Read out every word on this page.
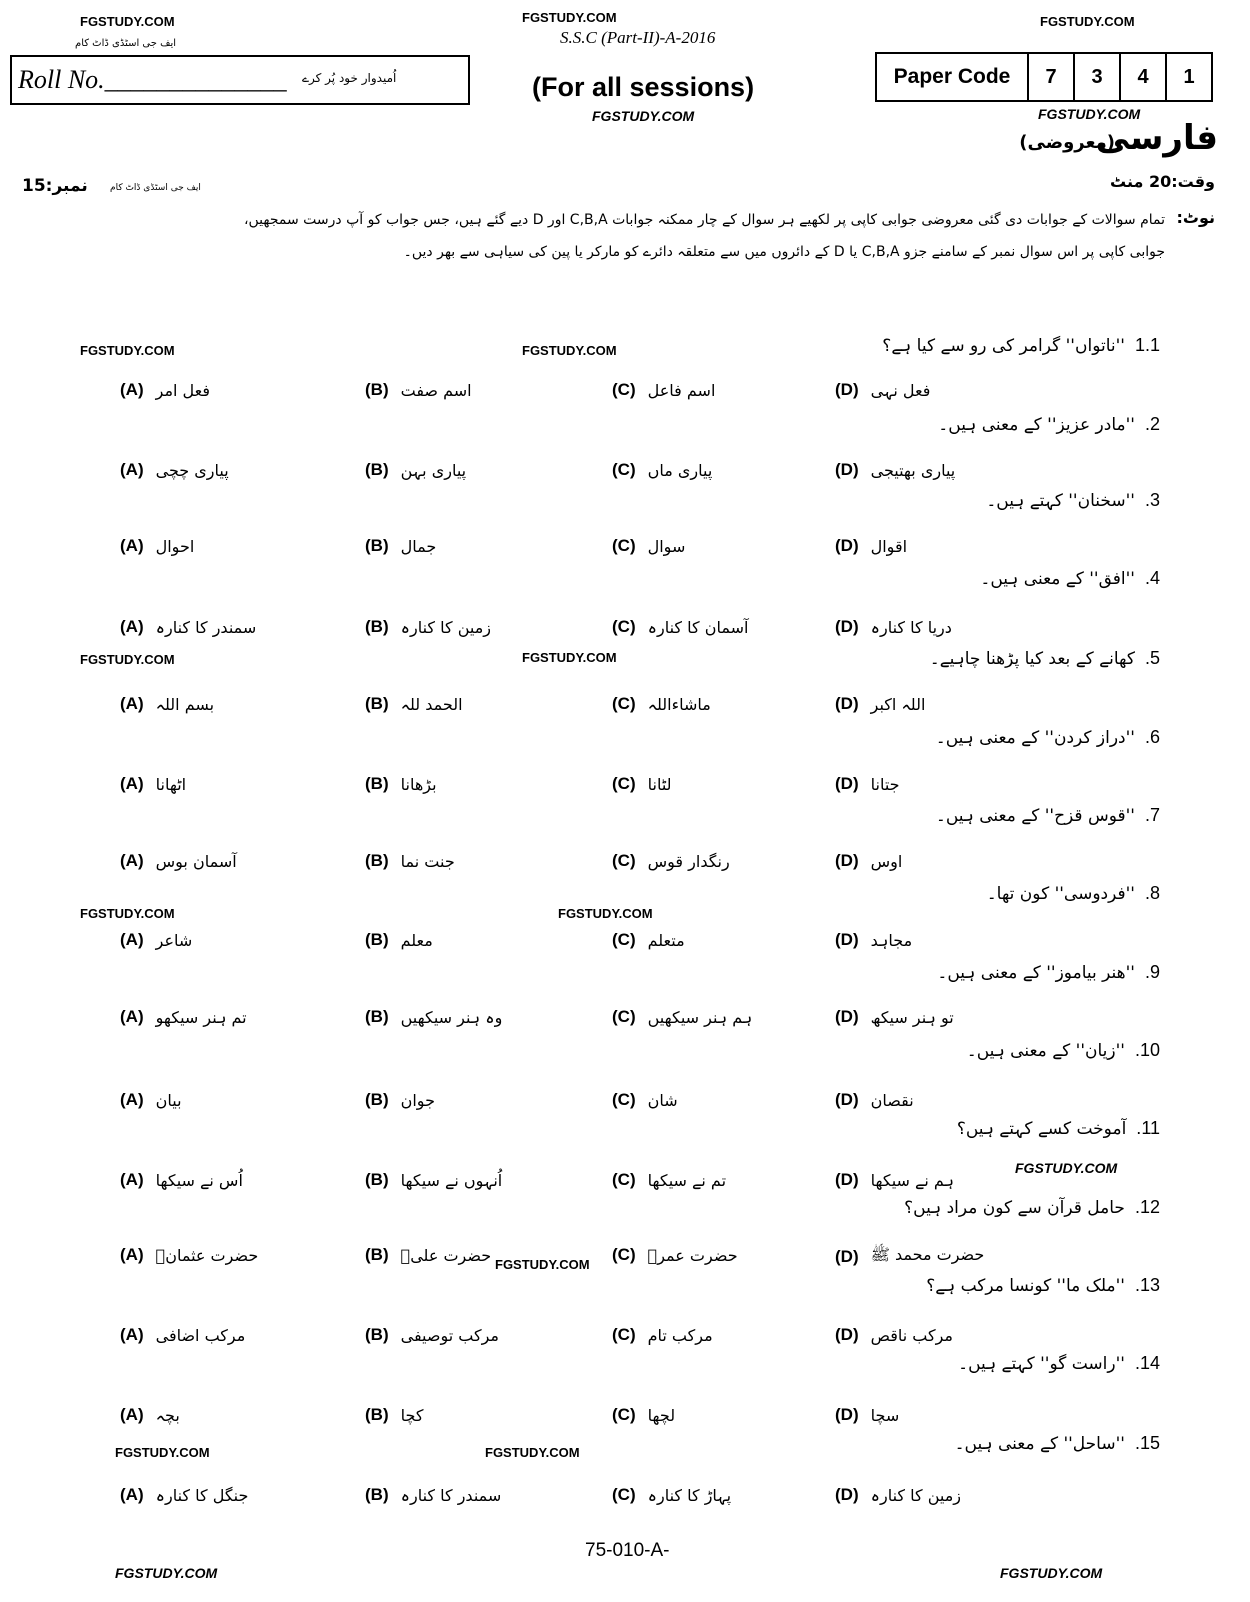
FGSTUDY.COM
ایف جی اسٹڈی ڈاٹ کام
Roll No.______________ اُمیدوار خود پُر کرے
FGSTUDY.COM
S.S.C (Part-II)-A-2016
(For all sessions)
FGSTUDY.COM
FGSTUDY.COM
Paper Code	7	3	4	1
FGSTUDY.COM
فارسی
(معروضی)
وقت:20 منٹ
نمبر:15 ایف جی اسٹڈی ڈاٹ کام
نوٹ:
تمام سوالات کے جوابات دی گئی معروضی جوابی کاپی پر لکھیے ہر سوال کے چار ممکنہ جوابات C,B,A اور D دیے گئے ہیں، جس جواب کو آپ درست سمجھیں،
جوابی کاپی پر اس سوال نمبر کے سامنے جزو C,B,A یا D کے دائروں میں سے متعلقہ دائرے کو مارکر یا پین کی سیاہی سے بھر دیں۔
1.1''ناتواں'' گرامر کی رو سے کیا ہے؟
(A) فعل امر	(B) اسم صفت	(C) اسم فاعل	(D) فعل نہی
2.''مادر عزیز'' کے معنی ہیں۔
(A) پیاری چچی	(B) پیاری بہن	(C) پیاری ماں	(D) پیاری بھتیجی
3.''سخنان'' کہتے ہیں۔
(A) احوال	(B) جمال	(C) سوال	(D) اقوال
4.''افق'' کے معنی ہیں۔
(A) سمندر کا کنارہ	(B) زمین کا کنارہ	(C) آسمان کا کنارہ	(D) دریا کا کنارہ
5.کھانے کے بعد کیا پڑھنا چاہیے۔
(A) بسم اللہ	(B) الحمد للہ	(C) ماشاءاللہ	(D) اللہ اکبر
6.''دراز کردن'' کے معنی ہیں۔
(A) اٹھانا	(B) بڑھانا	(C) لٹانا	(D) جتانا
7.''قوس قزح'' کے معنی ہیں۔
(A) آسمان بوس	(B) جنت نما	(C) رنگدار قوس	(D) اوس
8.''فردوسی'' کون تھا۔
(A) شاعر	(B) معلم	(C) متعلم	(D) مجاہد
9.''ھنر بیاموز'' کے معنی ہیں۔
(A) تم ہنر سیکھو	(B) وہ ہنر سیکھیں	(C) ہم ہنر سیکھیں	(D) تو ہنر سیکھ
10.''زیان'' کے معنی ہیں۔
(A) بیان	(B) جوان	(C) شان	(D) نقصان
11.آموخت کسے کہتے ہیں؟
(A) اُس نے سیکھا	(B) اُنہوں نے سیکھا	(C) تم نے سیکھا	(D) ہم نے سیکھا
12.حامل قرآن سے کون مراد ہیں؟
(A) حضرت عثمانؓ	(B) حضرت علیؓ	(C) حضرت عمرؓ	(D) حضرت محمد ﷺ
13.''ملک ما'' کونسا مرکب ہے؟
(A) مرکب اضافی	(B) مرکب توصیفی	(C) مرکب تام	(D) مرکب ناقص
14.''راست گو'' کہتے ہیں۔
(A) بچہ	(B) کچا	(C) لچھا	(D) سچا
15.''ساحل'' کے معنی ہیں۔
(A) جنگل کا کنارہ	(B) سمندر کا کنارہ	(C) پہاڑ کا کنارہ	(D) زمین کا کنارہ
FGSTUDY.COM	FGSTUDY.COM
FGSTUDY.COM	FGSTUDY.COM
FGSTUDY.COM	FGSTUDY.COM
FGSTUDY.COM
FGSTUDY.COM
FGSTUDY.COM	FGSTUDY.COM
FGSTUDY.COM
75-010-A-
FGSTUDY.COM
